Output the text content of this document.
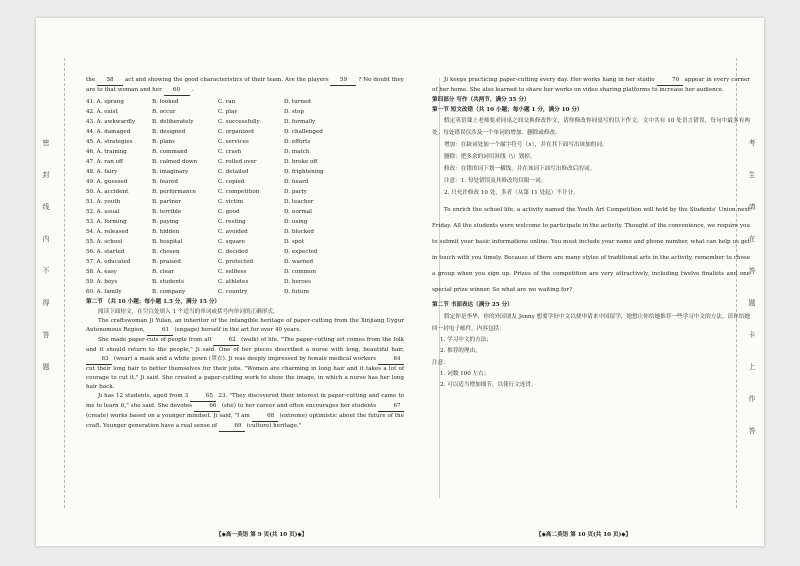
密
封
线
内
不
得
答
题
考
生
请
在
答
题
卡
上
作
答

the 58 act and showing the good characteristics of their team. Are the players 59 ? No doubt they are to that woman and her 60 .

41. A. sprang	B. looked	C. ran	D. turned
42. A. exist	B. occur	C. play	D. stop
43. A. awkwardly	B. deliberately	C. successfully	D. formally
44. A. damaged	B. designed	C. organized	D. challenged
45. A. strategies	B. plans	C. services	D. efforts
46. A. training	B. command	C. crash	D. match
47. A. ran off	B. calmed down	C. rolled over	D. broke off
48. A. fairy	B. imaginary	C. detailed	D. frightening
49. A. guessed	B. feared	C. copied	D. heard
50. A. accident	B. performance	C. competition	D. party
51. A. youth	B. partner	C. victim	D. teacher
52. A. usual	B. terrible	C. good	D. normal
53. A. forming	B. paying	C. resting	D. using
54. A. released	B. hidden	C. avoided	D. blocked
55. A. school	B. hospital	C. square	D. spot
56. A. started	B. chosen	C. decided	D. expected
57. A. educated	B. praised	C. protected	D. warned
58. A. easy	B. clear	C. selfless	D. common
59. A. boys	B. students	C. athletes	D. heroes
60. A. family	B. company	C. country	D. future

第二节 （共 10 小题；每小题 1.5 分，满分 15 分）

阅读下面短文，在空白处填入 1 个适当的单词或括号内单词的正确形式。

The craftswoman Ji Yulan, an inheritor of the intangible heritage of paper-cutting from the Xinjiang Uygur Autonomous Region,	61 (engage) herself in the art for over 40 years.

She made paper-cuts of people from all	62 (walk) of life. "The paper-cutting art comes from the folk and it should return to the people," Ji said. One of her pieces described a nurse with long, beautiful hair, 63 (wear) a mask and a white gown (罩衣). Ji was deeply impressed by female medical workers	64 cut their long hair to better themselves for their jobs. "Women are charming in long hair and it takes a lot of courage to cut it," Ji said. She created a paper-cutting work to show the image, in which a nurse has her long hair back.

Ji has 12 students, aged from 3	65 23. "They discovered their interest in paper-cutting and came to me to learn it," she said. She devotes	66 (she) to her career and often encourages her students	67 (create) works based on a younger mindset. Ji said, "I am	68 (extreme) optimistic about the future of the craft. Younger generation have a real sense of	69 (culture) heritage."

Ji keeps practicing paper-cutting every day. Her works hang in her studio	70 appear in every corner of her home. She also learned to share her works on video sharing platforms to increase her audience.

第四部分 写作（共两节，满分 35 分）

第一节 短文改错（共 10 小题；每小题 1 分，满分 10 分）

假定英语课上老师要求同桌之间交换修改作文，请你修改你同桌写的以下作文。文中共有 10 处语言错误，每句中最多有两处。每处错误仅涉及一个单词的增加、删除或修改。

增加：在缺词处加一个漏字符号（∧），并在其下面写出该加的词。

删除：把多余的词用斜线（\）划掉。

修改：在错的词下划一横线，并在该词下面写出修改后的词。

注意：1. 每处错误及其修改均仅限一词；

2. 只允许修改 10 处，多者（从第 11 处起）不计分。

To enrich the school life, a activity named the Youth Art Competition will held by the Students' Union next Friday. All the students were welcome to participate in the activity. Thought of the convenience, we require you to submit your basic informations online. You must include your name and phone number, what can help us get in touch with you timely. Because of there are many styles of traditional arts in the activity, remember to chose a group when you sign up. Prizes of the competition are very attractively, including twelve finalists and one special prize winner. So what are we waiting for?

第二节 书面表达（满分 25 分）

假定你是李华，你的外国朋友 Jenny 想要学好中文以便申请来中国留学，她想让你给她推荐一些学习中文的方法。请你给她回一封电子邮件，内容包括：

1. 学习中文的方法；

2. 推荐的理由。

注意：

1. 词数 100 左右；

2. 可以适当增加细节，以使行文连贯。

【◆高一英语 第 9 页(共 10 页)◆】	【◆高二英语 第 10 页(共 10 页)◆】
